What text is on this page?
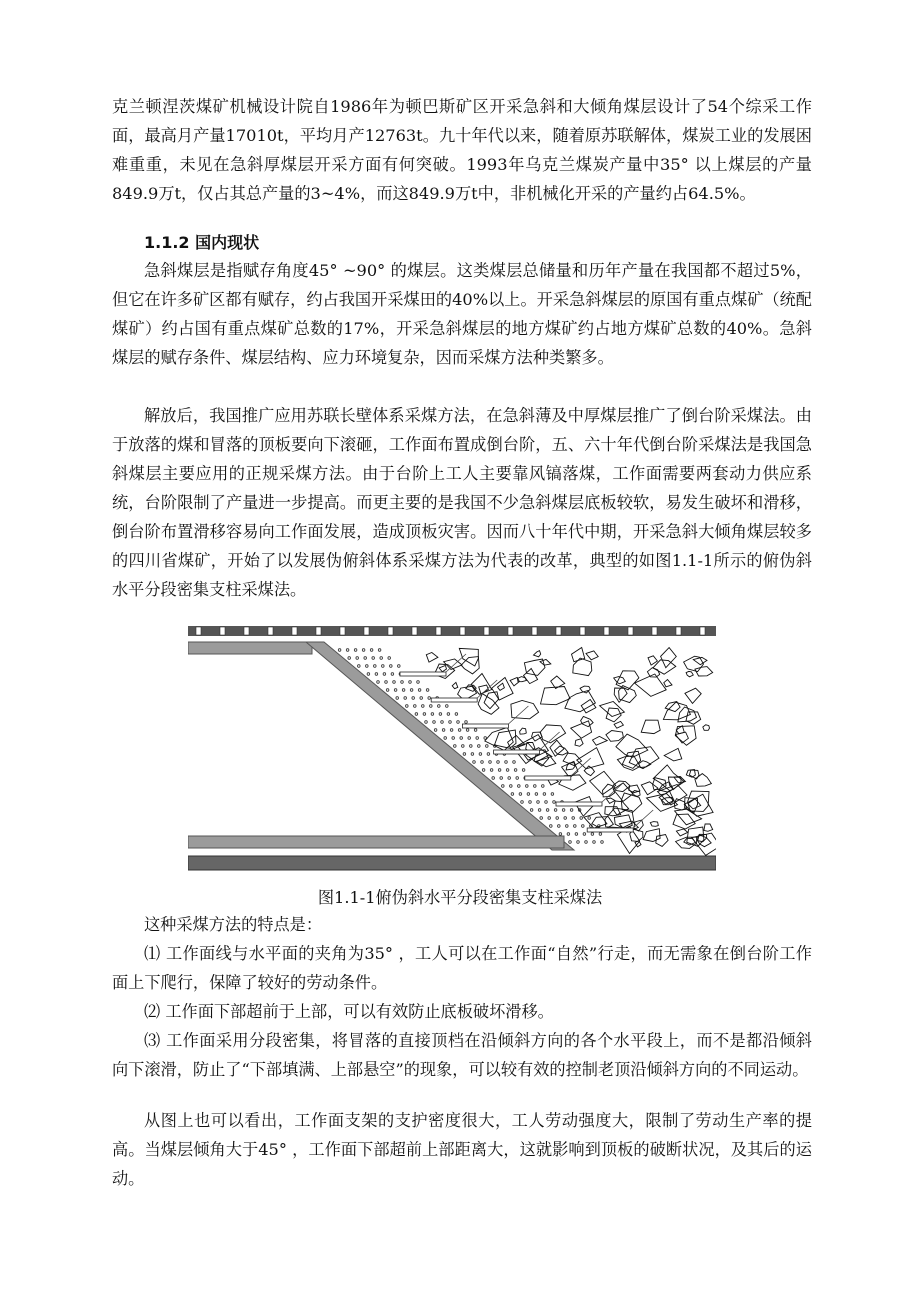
克兰顿涅茨煤矿机械设计院自1986年为顿巴斯矿区开采急斜和大倾角煤层设计了54个综采工作面，最高月产量17010t，平均月产12763t。九十年代以来，随着原苏联解体，煤炭工业的发展困难重重，未见在急斜厚煤层开采方面有何突破。1993年乌克兰煤炭产量中35° 以上煤层的产量849.9万t，仅占其总产量的3~4%，而这849.9万t中，非机械化开采的产量约占64.5%。

1.1.2 国内现状

急斜煤层是指赋存角度45° ~90° 的煤层。这类煤层总储量和历年产量在我国都不超过5%，但它在许多矿区都有赋存，约占我国开采煤田的40%以上。开采急斜煤层的原国有重点煤矿（统配煤矿）约占国有重点煤矿总数的17%，开采急斜煤层的地方煤矿约占地方煤矿总数的40%。急斜煤层的赋存条件、煤层结构、应力环境复杂，因而采煤方法种类繁多。

解放后，我国推广应用苏联长壁体系采煤方法，在急斜薄及中厚煤层推广了倒台阶采煤法。由于放落的煤和冒落的顶板要向下滚砸，工作面布置成倒台阶，五、六十年代倒台阶采煤法是我国急斜煤层主要应用的正规采煤方法。由于台阶上工人主要靠风镐落煤，工作面需要两套动力供应系统，台阶限制了产量进一步提高。而更主要的是我国不少急斜煤层底板较软，易发生破坏和滑移，倒台阶布置滑移容易向工作面发展，造成顶板灾害。因而八十年代中期，开采急斜大倾角煤层较多的四川省煤矿，开始了以发展伪俯斜体系采煤方法为代表的改革，典型的如图1.1-1所示的俯伪斜水平分段密集支柱采煤法。

图1.1-1俯伪斜水平分段密集支柱采煤法

这种采煤方法的特点是：

⑴ 工作面线与水平面的夹角为35° ，工人可以在工作面“自然”行走，而无需象在倒台阶工作面上下爬行，保障了较好的劳动条件。

⑵ 工作面下部超前于上部，可以有效防止底板破坏滑移。

⑶ 工作面采用分段密集，将冒落的直接顶档在沿倾斜方向的各个水平段上，而不是都沿倾斜向下滚滑，防止了“下部填满、上部悬空”的现象，可以较有效的控制老顶沿倾斜方向的不同运动。

从图上也可以看出，工作面支架的支护密度很大，工人劳动强度大，限制了劳动生产率的提高。当煤层倾角大于45° ，工作面下部超前上部距离大，这就影响到顶板的破断状况，及其后的运动。
